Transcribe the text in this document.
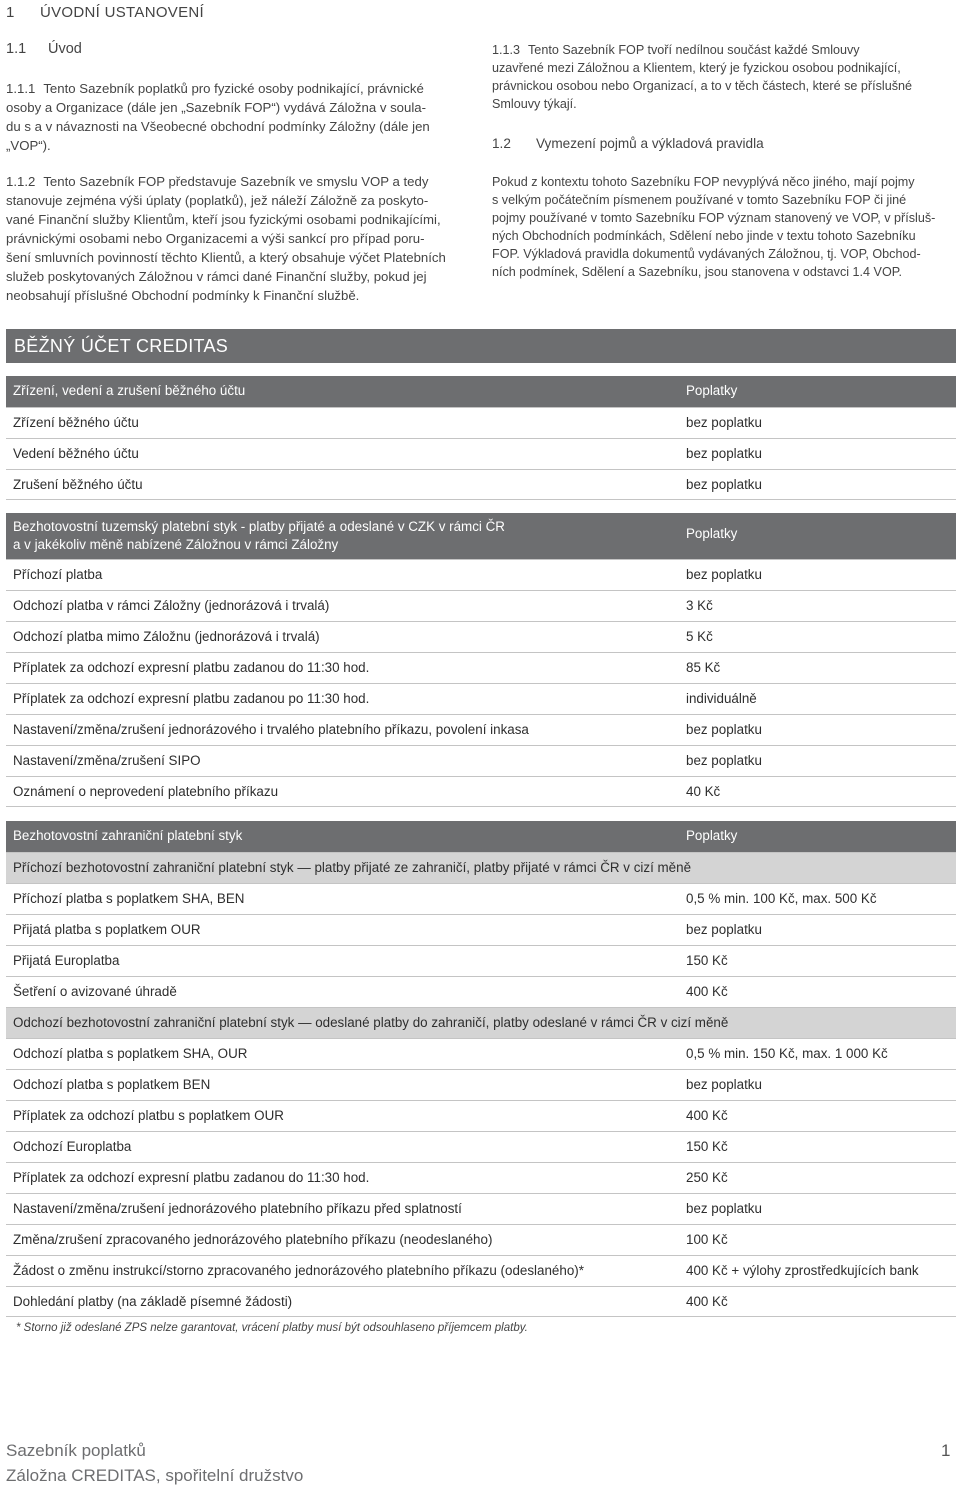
1 ÚVODNÍ USTANOVENÍ
1.1 Úvod
1.1.1 Tento Sazebník poplatků pro fyzické osoby podnikající, právnické
osoby a Organizace (dále jen „Sazebník FOP“) vydává Záložna v soula-
du s a v návaznosti na Všeobecné obchodní podmínky Záložny (dále jen
„VOP“).
1.1.2 Tento Sazebník FOP představuje Sazebník ve smyslu VOP a tedy
stanovuje zejména výši úplaty (poplatků), jež náleží Záložně za poskyto-
vané Finanční služby Klientům, kteří jsou fyzickými osobami podnikajícími,
právnickými osobami nebo Organizacemi a výši sankcí pro případ poru-
šení smluvních povinností těchto Klientů, a který obsahuje výčet Platebních
služeb poskytovaných Záložnou v rámci dané Finanční služby, pokud jej
neobsahují příslušné Obchodní podmínky k Finanční službě.
1.1.3 Tento Sazebník FOP tvoří nedílnou součást každé Smlouvy
uzavřené mezi Záložnou a Klientem, který je fyzickou osobou podnikající,
právnickou osobou nebo Organizací, a to v těch částech, které se příslušné
Smlouvy týkají.
1.2 Vymezení pojmů a výkladová pravidla
Pokud z kontextu tohoto Sazebníku FOP nevyplývá něco jiného, mají pojmy
s velkým počátečním písmenem používané v tomto Sazebníku FOP či jiné
pojmy používané v tomto Sazebníku FOP význam stanovený ve VOP, v přísluš-
ných Obchodních podmínkách, Sdělení nebo jinde v textu tohoto Sazebníku
FOP. Výkladová pravidla dokumentů vydávaných Záložnou, tj. VOP, Obchod-
ních podmínek, Sdělení a Sazebníku, jsou stanovena v odstavci 1.4 VOP.
BĚŽNÝ ÚČET CREDITAS
Zřízení, vedení a zrušení běžného účtu	Poplatky
Zřízení běžného účtu	bez poplatku
Vedení běžného účtu	bez poplatku
Zrušení běžného účtu	bez poplatku
Bezhotovostní tuzemský platební styk - platby přijaté a odeslané v CZK v rámci ČR
a v jakékoliv měně nabízené Záložnou v rámci Záložny
Poplatky
Příchozí platba	bez poplatku
Odchozí platba v rámci Záložny (jednorázová i trvalá)	3 Kč
Odchozí platba mimo Záložnu (jednorázová i trvalá)	5 Kč
Příplatek za odchozí expresní platbu zadanou do 11:30 hod.	85 Kč
Příplatek za odchozí expresní platbu zadanou po 11:30 hod.	individuálně
Nastavení/změna/zrušení jednorázového i trvalého platebního příkazu, povolení inkasa	bez poplatku
Nastavení/změna/zrušení SIPO	bez poplatku
Oznámení o neprovedení platebního příkazu	40 Kč
Bezhotovostní zahraniční platební styk	Poplatky
Příchozí bezhotovostní zahraniční platební styk — platby přijaté ze zahraničí, platby přijaté v rámci ČR v cizí měně
Příchozí platba s poplatkem SHA, BEN	0,5 % min. 100 Kč, max. 500 Kč
Přijatá platba s poplatkem OUR	bez poplatku
Přijatá Europlatba	150 Kč
Šetření o avizované úhradě	400 Kč
Odchozí bezhotovostní zahraniční platební styk — odeslané platby do zahraničí, platby odeslané v rámci ČR v cizí měně
Odchozí platba s poplatkem SHA, OUR	0,5 % min. 150 Kč, max. 1 000 Kč
Odchozí platba s poplatkem BEN	bez poplatku
Příplatek za odchozí platbu s poplatkem OUR	400 Kč
Odchozí Europlatba	150 Kč
Příplatek za odchozí expresní platbu zadanou do 11:30 hod.	250 Kč
Nastavení/změna/zrušení jednorázového platebního příkazu před splatností	bez poplatku
Změna/zrušení zpracovaného jednorázového platebního příkazu (neodeslaného)	100 Kč
Žádost o změnu instrukcí/storno zpracovaného jednorázového platebního příkazu (odeslaného)*	400 Kč + výlohy zprostředkujících bank
Dohledání platby (na základě písemné žádosti)	400 Kč
* Storno již odeslané ZPS nelze garantovat, vrácení platby musí být odsouhlaseno příjemcem platby.
Sazebník poplatků
Záložna CREDITAS, spořitelní družstvo
1
